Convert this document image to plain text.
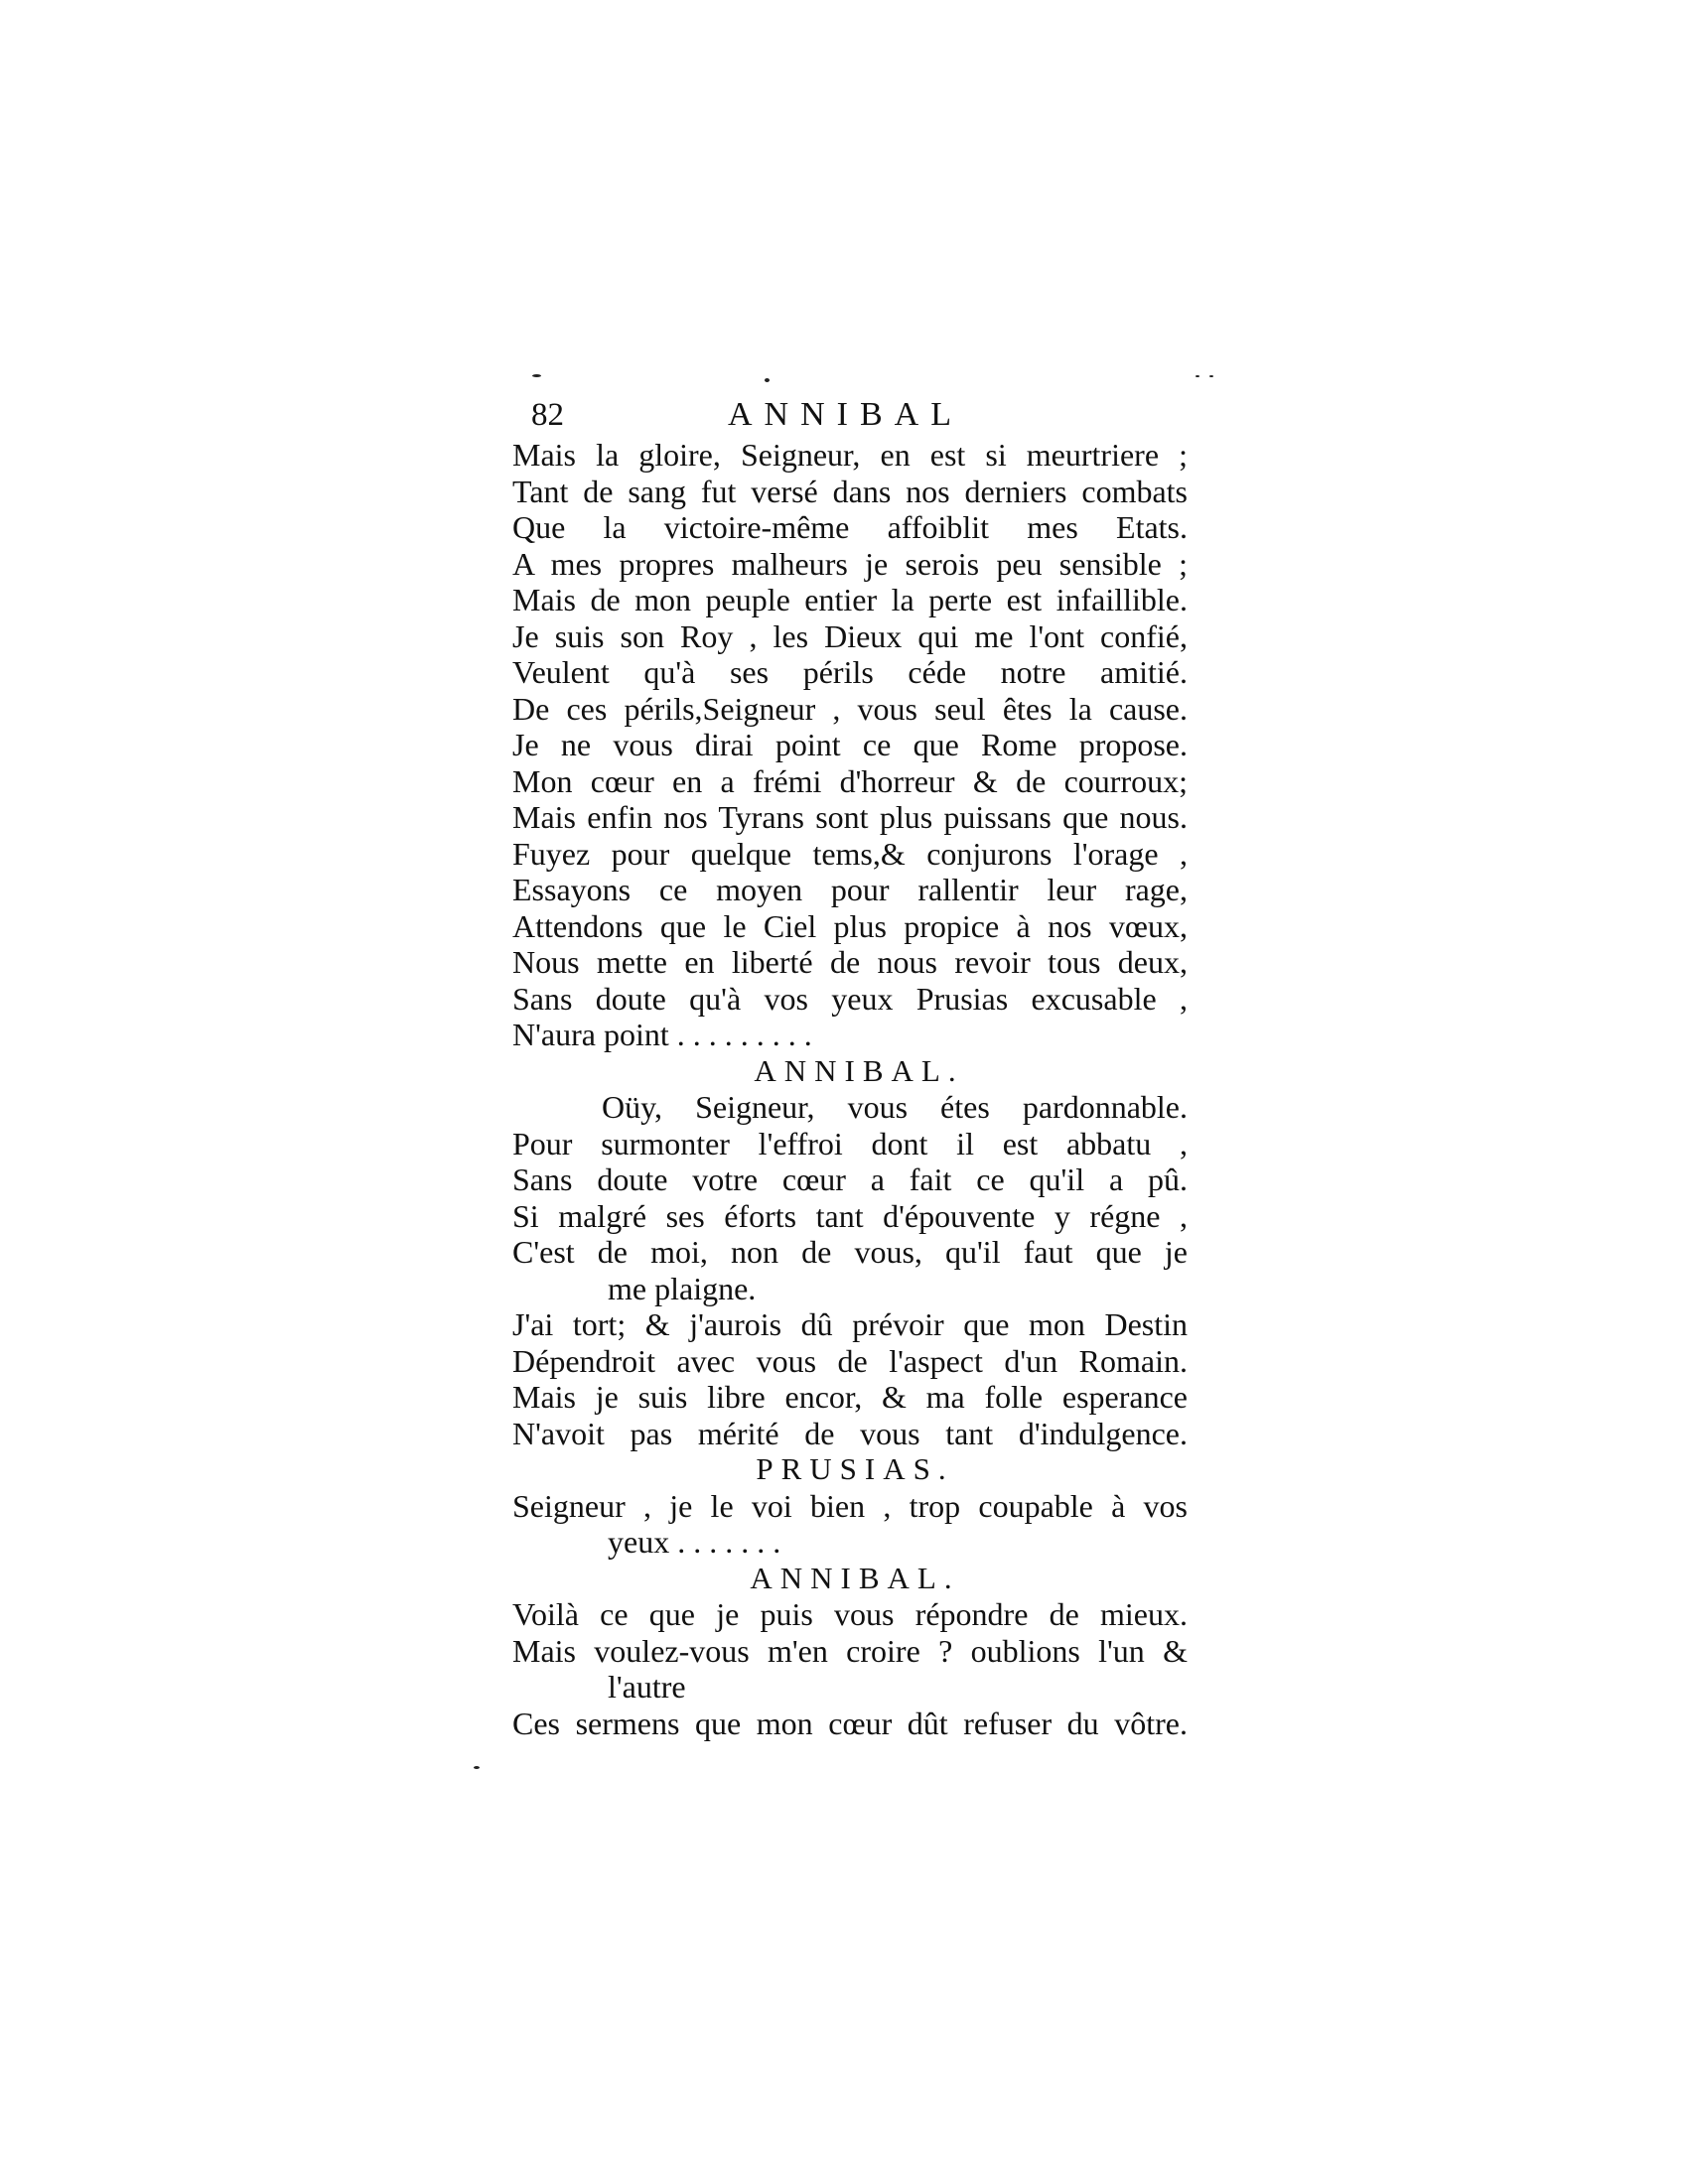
82	ANNIBAL
Mais la gloire, Seigneur, en est si meurtriere ;
Tant de sang fut versé dans nos derniers combats
Que la victoire-même affoiblit mes Etats.
A mes propres malheurs je serois peu sensible ;
Mais de mon peuple entier la perte est infaillible.
Je suis son Roy , les Dieux qui me l'ont confié,
Veulent qu'à ses périls céde notre amitié.
De ces périls,Seigneur , vous seul êtes la cause.
Je ne vous dirai point ce que Rome propose.
Mon cœur en a frémi d'horreur & de courroux;
Mais enfin nos Tyrans sont plus puissans que nous.
Fuyez pour quelque tems,& conjurons l'orage ,
Essayons ce moyen pour rallentir leur rage,
Attendons que le Ciel plus propice à nos vœux,
Nous mette en liberté de nous revoir tous deux,
Sans doute qu'à vos yeux Prusias excusable ,
N'aura point . . . . . . . . .
ANNIBAL.
Oüy, Seigneur, vous étes pardonnable.
Pour surmonter l'effroi dont il est abbatu ,
Sans doute votre cœur a fait ce qu'il a pû.
Si malgré ses éforts tant d'épouvente y régne ,
C'est de moi, non de vous, qu'il faut que je
me plaigne.
J'ai tort; & j'aurois dû prévoir que mon Destin
Dépendroit avec vous de l'aspect d'un Romain.
Mais je suis libre encor, & ma folle esperance
N'avoit pas mérité de vous tant d'indulgence.
PRUSIAS.
Seigneur , je le voi bien , trop coupable à vos
yeux . . . . . . .
ANNIBAL.
Voilà ce que je puis vous répondre de mieux.
Mais voulez-vous m'en croire ? oublions l'un &
l'autre
Ces sermens que mon cœur dût refuser du vôtre.
